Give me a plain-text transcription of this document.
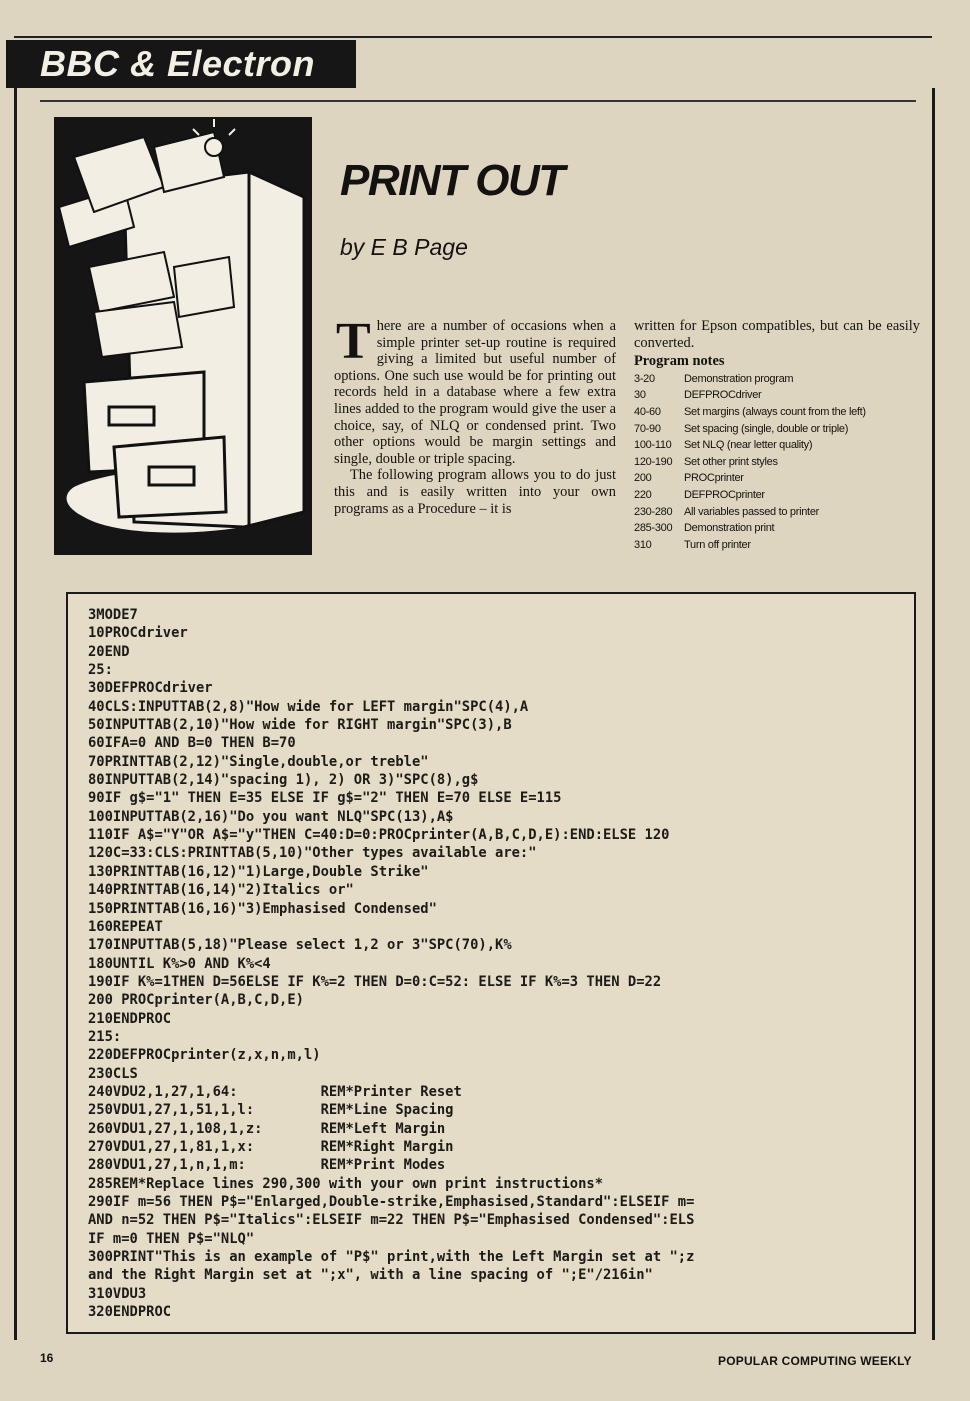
BBC & Electron
PRINT OUT
by E B Page

There are a number of occasions when a simple printer set-up routine is required giving a limited but useful number of options. One such use would be for printing out records held in a database where a few extra lines added to the program would give the user a choice, say, of NLQ or condensed print. Two other options would be margin settings and single, double or triple spacing.

The following program allows you to do just this and is easily written into your own programs as a Procedure – it is

written for Epson compatibles, but can be easily converted.

Program notes
3-20	Demonstration program
30	DEFPROCdriver
40-60	Set margins (always count from the left)
70-90	Set spacing (single, double or triple)
100-110	Set NLQ (near letter quality)
120-190	Set other print styles
200	PROCprinter
220	DEFPROCprinter
230-280	All variables passed to printer
285-300	Demonstration print
310	Turn off printer
3MODE7
10PROCdriver
20END
25:
30DEFPROCdriver
40CLS:INPUTTAB(2,8)"How wide for LEFT margin"SPC(4),A
50INPUTTAB(2,10)"How wide for RIGHT margin"SPC(3),B
60IFA=0 AND B=0 THEN B=70
70PRINTTAB(2,12)"Single,double,or treble"
80INPUTTAB(2,14)"spacing 1), 2) OR 3)"SPC(8),g$
90IF g$="1" THEN E=35 ELSE IF g$="2" THEN E=70 ELSE E=115
100INPUTTAB(2,16)"Do you want NLQ"SPC(13),A$
110IF A$="Y"OR A$="y"THEN C=40:D=0:PROCprinter(A,B,C,D,E):END:ELSE 120
120C=33:CLS:PRINTTAB(5,10)"Other types available are:"
130PRINTTAB(16,12)"1)Large,Double Strike"
140PRINTTAB(16,14)"2)Italics or"
150PRINTTAB(16,16)"3)Emphasised Condensed"
160REPEAT
170INPUTTAB(5,18)"Please select 1,2 or 3"SPC(70),K%
180UNTIL K%>0 AND K%<4
190IF K%=1THEN D=56ELSE IF K%=2 THEN D=0:C=52: ELSE IF K%=3 THEN D=22
200 PROCprinter(A,B,C,D,E)
210ENDPROC
215:
220DEFPROCprinter(z,x,n,m,l)
230CLS
240VDU2,1,27,1,64:          REM*Printer Reset
250VDU1,27,1,51,1,l:        REM*Line Spacing
260VDU1,27,1,108,1,z:       REM*Left Margin
270VDU1,27,1,81,1,x:        REM*Right Margin
280VDU1,27,1,n,1,m:         REM*Print Modes
285REM*Replace lines 290,300 with your own print instructions*
290IF m=56 THEN P$="Enlarged,Double-strike,Emphasised,Standard":ELSEIF m=
AND n=52 THEN P$="Italics":ELSEIF m=22 THEN P$="Emphasised Condensed":ELS
IF m=0 THEN P$="NLQ"
300PRINT"This is an example of "P$" print,with the Left Margin set at ";z
and the Right Margin set at ";x", with a line spacing of ";E"/216in"
310VDU3
320ENDPROC
16	POPULAR COMPUTING WEEKLY
